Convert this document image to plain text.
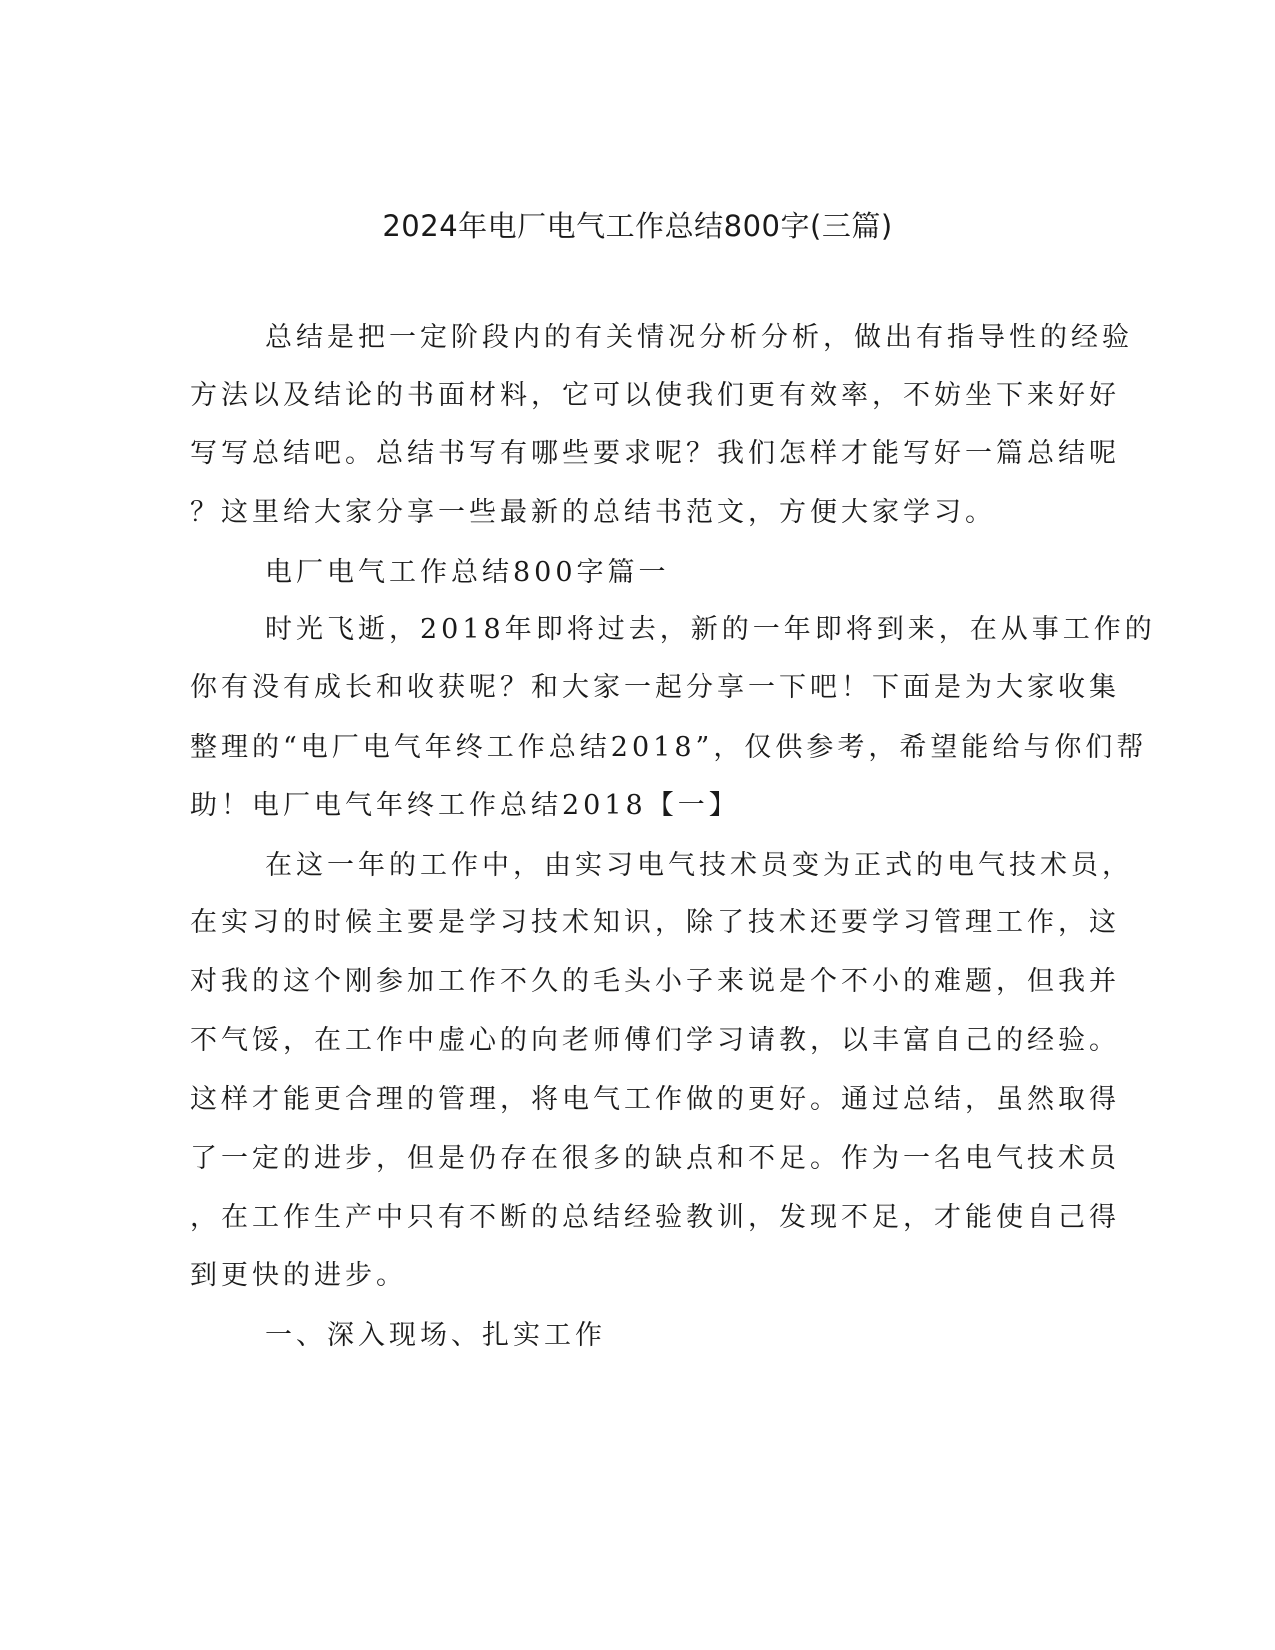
2024年电厂电气工作总结800字(三篇)
总结是把一定阶段内的有关情况分析分析，做出有指导性的经验
方法以及结论的书面材料，它可以使我们更有效率，不妨坐下来好好
写写总结吧。总结书写有哪些要求呢？我们怎样才能写好一篇总结呢
？这里给大家分享一些最新的总结书范文，方便大家学习。
电厂电气工作总结800字篇一
时光飞逝，2018年即将过去，新的一年即将到来，在从事工作的
你有没有成长和收获呢？和大家一起分享一下吧！下面是为大家收集
整理的“电厂电气年终工作总结2018”，仅供参考，希望能给与你们帮
助！电厂电气年终工作总结2018【一】
在这一年的工作中，由实习电气技术员变为正式的电气技术员，
在实习的时候主要是学习技术知识，除了技术还要学习管理工作，这
对我的这个刚参加工作不久的毛头小子来说是个不小的难题，但我并
不气馁，在工作中虚心的向老师傅们学习请教，以丰富自己的经验。
这样才能更合理的管理，将电气工作做的更好。通过总结，虽然取得
了一定的进步，但是仍存在很多的缺点和不足。作为一名电气技术员
，在工作生产中只有不断的总结经验教训，发现不足，才能使自己得
到更快的进步。
一、深入现场、扎实工作
